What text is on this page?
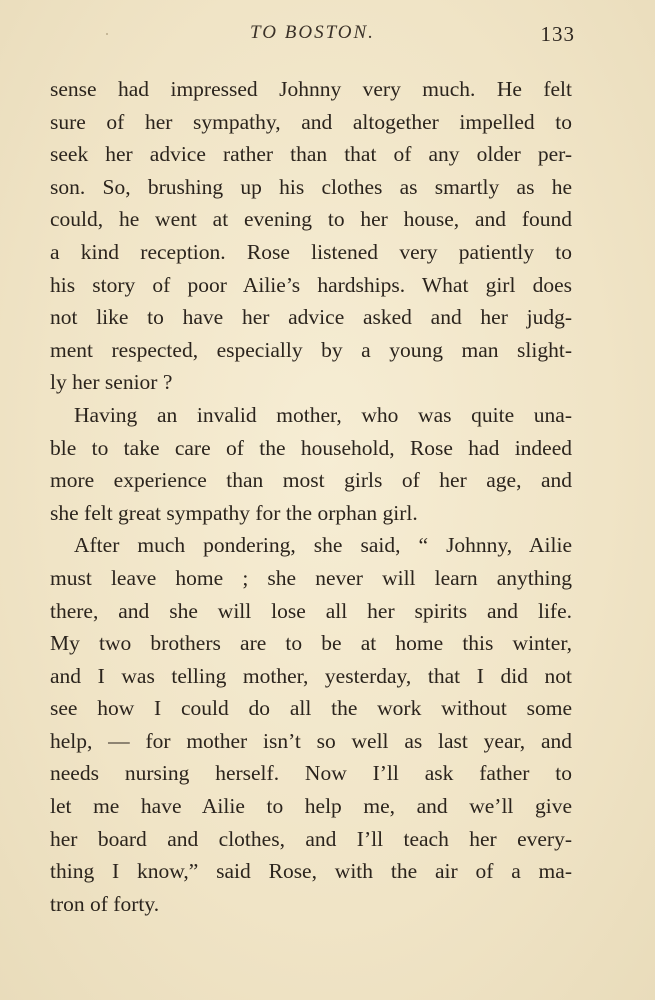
TO BOSTON.	133
sense had impressed Johnny very much. He felt
sure of her sympathy, and altogether impelled to
seek her advice rather than that of any older per-
son. So, brushing up his clothes as smartly as he
could, he went at evening to her house, and found
a kind reception. Rose listened very patiently to
his story of poor Ailie’s hardships. What girl does
not like to have her advice asked and her judg-
ment respected, especially by a young man slight-
ly her senior ?
Having an invalid mother, who was quite una-
ble to take care of the household, Rose had indeed
more experience than most girls of her age, and
she felt great sympathy for the orphan girl.
After much pondering, she said, “ Johnny, Ailie
must leave home ; she never will learn anything
there, and she will lose all her spirits and life.
My two brothers are to be at home this winter,
and I was telling mother, yesterday, that I did not
see how I could do all the work without some
help, — for mother isn’t so well as last year, and
needs nursing herself. Now I’ll ask father to
let me have Ailie to help me, and we’ll give
her board and clothes, and I’ll teach her every-
thing I know,” said Rose, with the air of a ma-
tron of forty.
